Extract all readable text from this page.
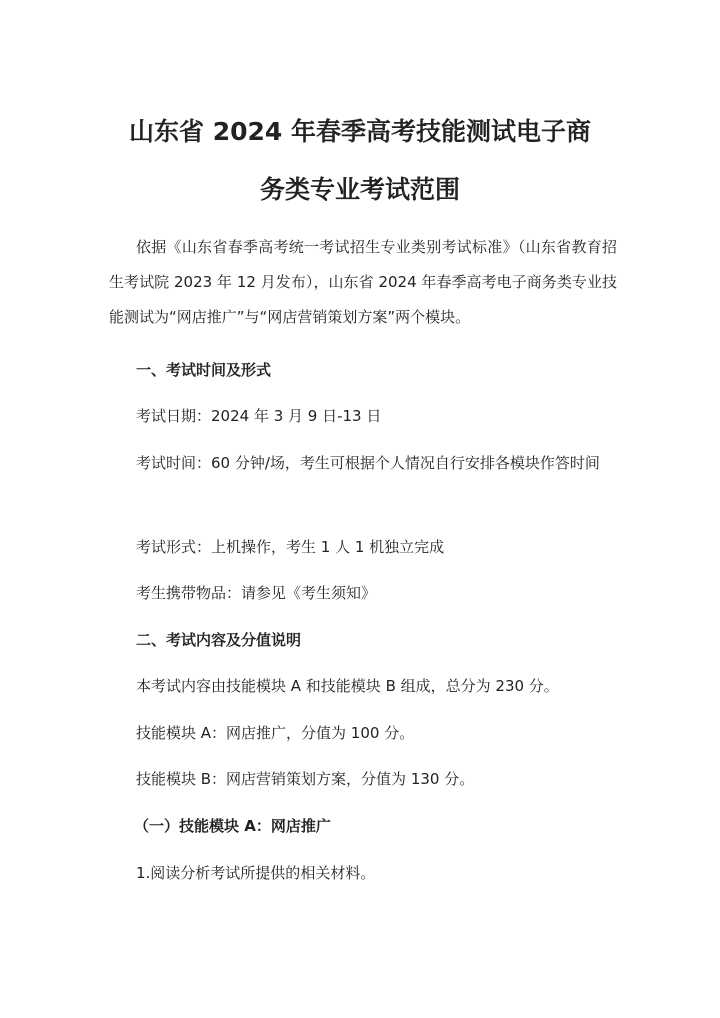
山东省 2024 年春季高考技能测试电子商
务类专业考试范围

依据《山东省春季高考统一考试招生专业类别考试标准》（山东省教育招生考试院 2023 年 12 月发布），山东省 2024 年春季高考电子商务类专业技能测试为“网店推广”与“网店营销策划方案”两个模块。

一、考试时间及形式
考试日期：2024 年 3 月 9 日-13 日

考试时间：60 分钟/场，考生可根据个人情况自行安排各模块作答时间

考试形式：上机操作，考生 1 人 1 机独立完成
考生携带物品：请参见《考生须知》
二、考试内容及分值说明
本考试内容由技能模块 A 和技能模块 B 组成，总分为 230 分。
技能模块 A：网店推广，分值为 100 分。
技能模块 B：网店营销策划方案，分值为 130 分。
（一）技能模块 A：网店推广
1.阅读分析考试所提供的相关材料。
